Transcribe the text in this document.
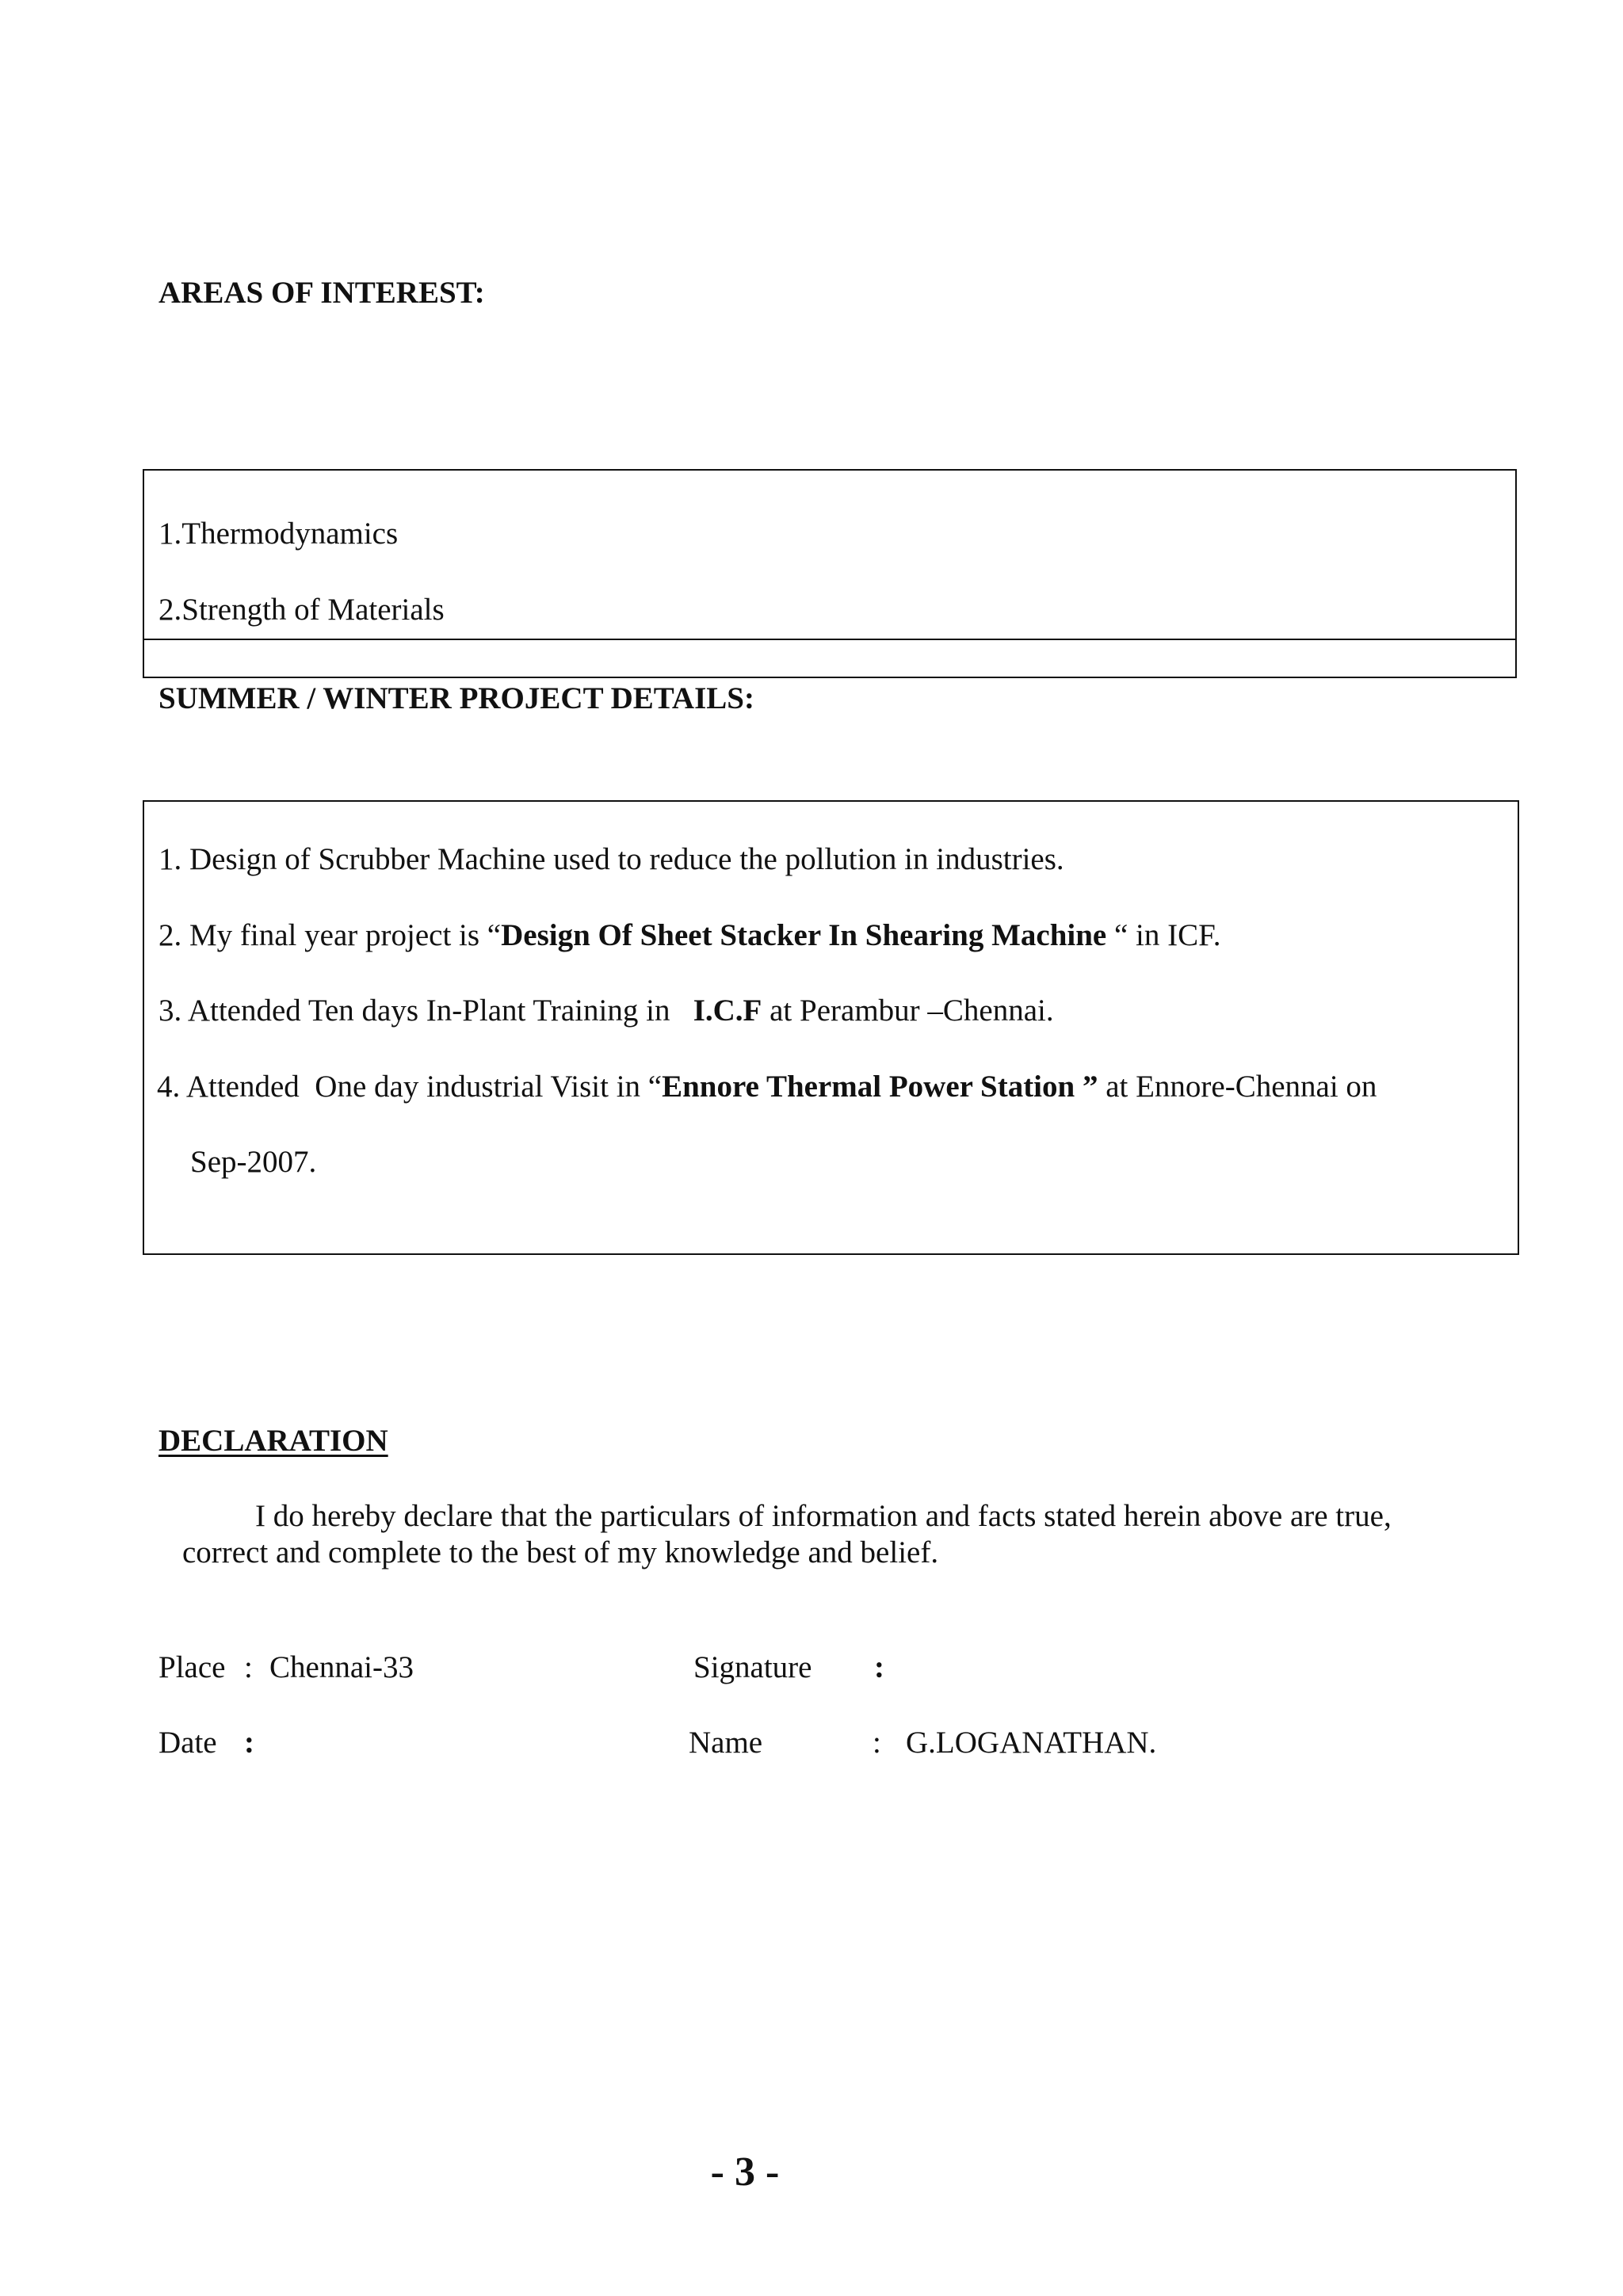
AREAS OF INTEREST:
1.Thermodynamics
2.Strength of Materials
SUMMER / WINTER PROJECT DETAILS:
1. Design of Scrubber Machine used to reduce the pollution in industries.
2. My final year project is “Design Of Sheet Stacker In Shearing Machine “ in ICF.
3. Attended Ten days In-Plant Training in   I.C.F at Perambur –Chennai.
4. Attended  One day industrial Visit in “Ennore Thermal Power Station ” at Ennore-Chennai on
Sep-2007.
DECLARATION
I do hereby declare that the particulars of information and facts stated herein above are true,
correct and complete to the best of my knowledge and belief.
Place : Chennai-33	Signature :
Date :	Name	: G.LOGANATHAN.
- 3 -
